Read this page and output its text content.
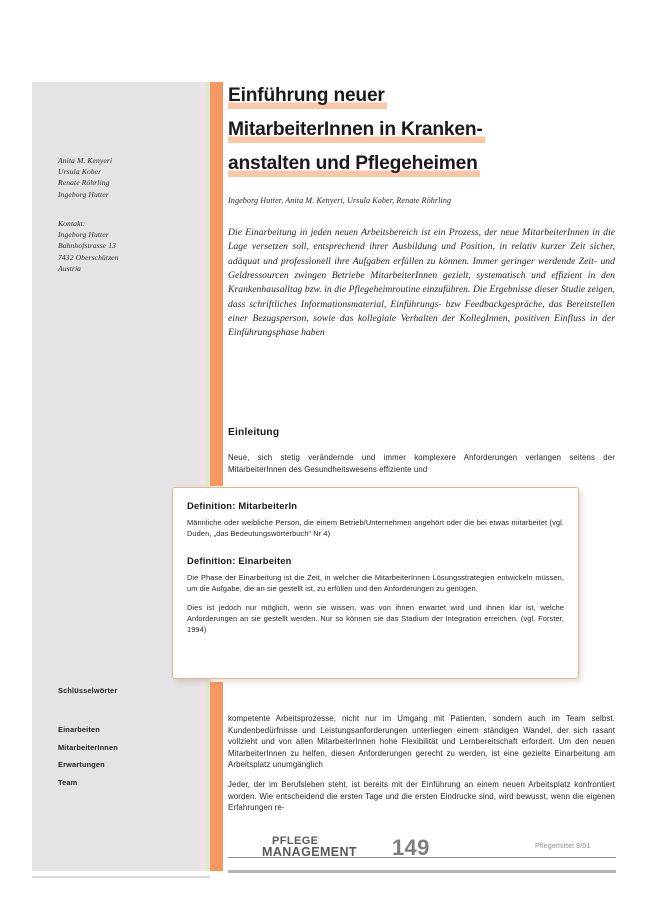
Anita M. Kenyeri
Ursula Kober
Renate Röhrling
Ingeborg Hutter
Kontakt:
Ingeborg Hutter
Bahnhofstrasse 13
7432 Oberschützen
Austria
Schlüsselwörter
Einarbeiten
MitarbeiterInnen
Erwartungen
Team
Einführung neuer
MitarbeiterInnen in Kranken-
anstalten und Pflegeheimen
Ingeborg Hutter, Anita M. Kenyeri, Ursula Kober, Renate Röhrling
Die Einarbeitung in jeden neuen Arbeitsbereich ist ein Prozess, der neue MitarbeiterInnen in die Lage versetzen soll, entsprechend ihrer Ausbildung und Position, in relativ kurzer Zeit sicher, adäquat und professionell ihre Aufgaben erfüllen zu können. Immer geringer werdende Zeit- und Geldressourcen zwingen Betriebe MitarbeiterInnen gezielt, systematisch und effizient in den Krankenhausalltag bzw. in die Pflegeheimroutine einzuführen. Die Ergebnisse dieser Studie zeigen, dass schriftliches Informationsmaterial, Einführungs- bzw Feedbackgespräche, das Bereitstellen einer Bezugsperson, sowie das kollegiale Verhalten der KollegInnen, positiven Einfluss in der Einführungsphase haben
Einleitung
Neue, sich stetig verändernde und immer komplexere Anforderungen verlangen seitens der MitarbeiterInnen des Gesundheitswesens effiziente und
Definition: MitarbeiterIn
Männliche oder weibliche Person, die einem Betrieb/Unternehmen angehört oder die bei etwas mitarbeitet (vgl. Duden, „das Bedeutungswörterbuch“ Nr 4)
Definition: Einarbeiten
Die Phase der Einarbeitung ist die Zeit, in welcher die MitarbeiterInnen Lösungsstrategien entwickeln müssen, um die Aufgabe, die an sie gestellt ist, zu erfüllen und den Anforderungen zu genügen.
Dies ist jedoch nur möglich, wenn sie wissen, was von ihnen erwartet wird und ihnen klar ist, welche Anforderungen an sie gestellt werden. Nur so können sie das Stadium der Integration erreichen. (vgl. Forster, 1994)

kompetente Arbeitsprozesse, nicht nur im Umgang mit Patienten, sondern auch im Team selbst. Kundenbedürfnisse und Leistungsanforderungen unterliegen einem ständigen Wandel, der sich rasant vollzieht und von allen MitarbeiterInnen hohe Flexibilität und Lernbereitschaft erfordert. Um den neuen MitarbeiterInnen zu helfen, diesen Anforderungen gerecht zu werden, ist eine gezielte Einarbeitung am Arbeitsplatz unumgänglich

Jeder, der im Berufsleben steht, ist bereits mit der Einführung an einem neuen Arbeitsplatz konfrontiert worden. Wie entscheidend die ersten Tage und die ersten Eindrucke sind, wird bewusst, wenn die eigenen Erfahrungen re-

PFLEGE
MANAGEMENT 149	Pflegemittel 9/01
